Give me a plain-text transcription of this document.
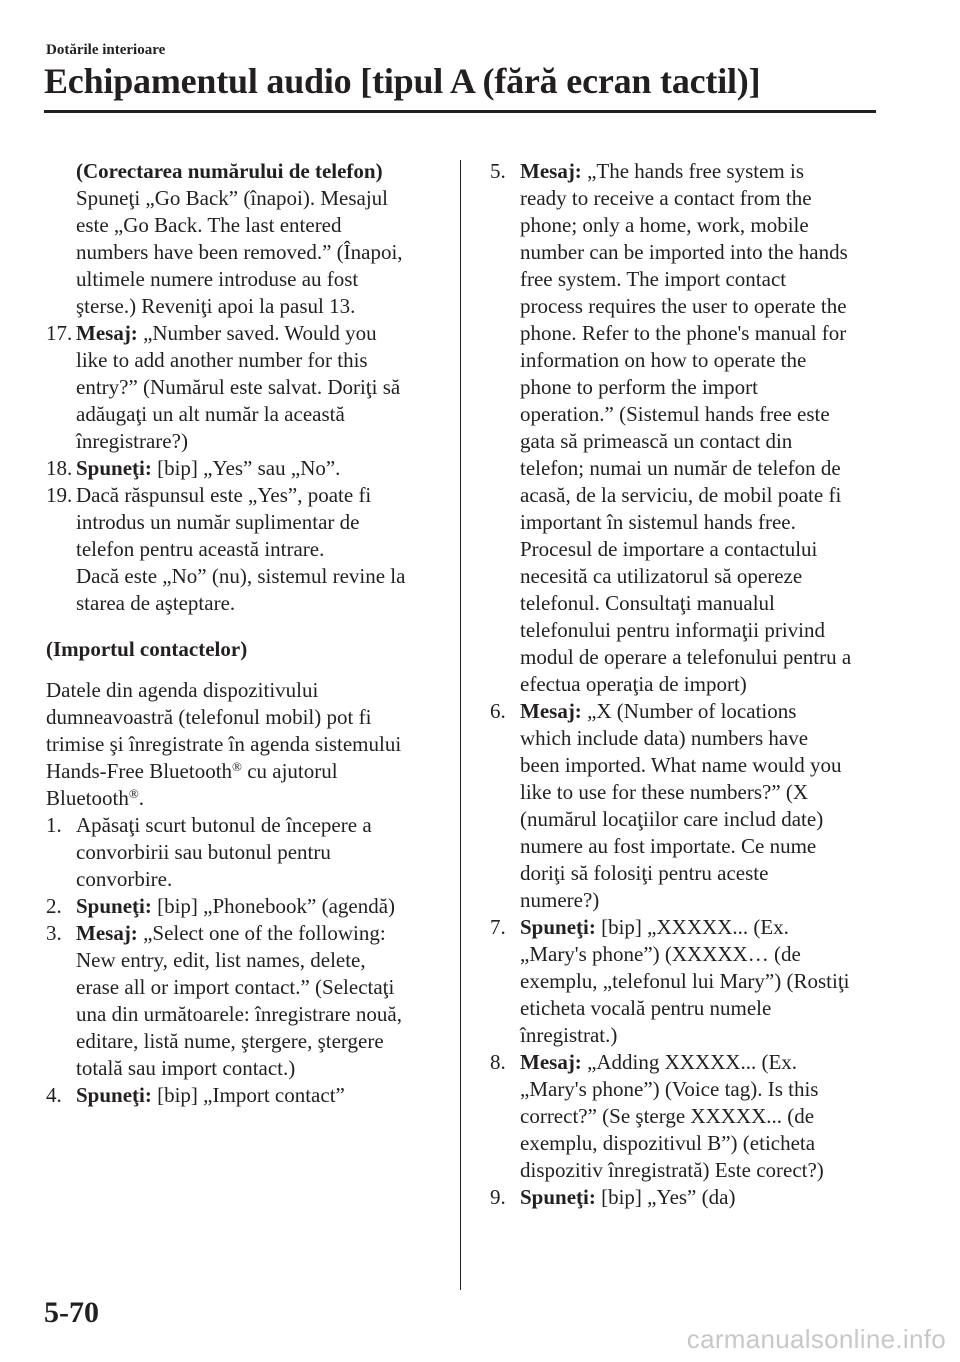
Dotările interioare
Echipamentul audio [tipul A (fără ecran tactil)]
(Corectarea numărului de telefon)
Spuneţi „Go Back” (înapoi). Mesajul
este „Go Back. The last entered
numbers have been removed.” (Înapoi,
ultimele numere introduse au fost
şterse.) Reveniţi apoi la pasul 13.
17. Mesaj: „Number saved. Would you
like to add another number for this
entry?” (Numărul este salvat. Doriţi să
adăugaţi un alt număr la această
înregistrare?)
18. Spuneţi: [bip] „Yes” sau „No”.
19. Dacă răspunsul este „Yes”, poate fi
introdus un număr suplimentar de
telefon pentru această intrare.
Dacă este „No” (nu), sistemul revine la
starea de aşteptare.
(Importul contactelor)
Datele din agenda dispozitivului
dumneavoastră (telefonul mobil) pot fi
trimise şi înregistrate în agenda sistemului
Hands-Free Bluetooth® cu ajutorul
Bluetooth®.
1. Apăsaţi scurt butonul de începere a
convorbirii sau butonul pentru
convorbire.
2. Spuneţi: [bip] „Phonebook” (agendă)
3. Mesaj: „Select one of the following:
New entry, edit, list names, delete,
erase all or import contact.” (Selectaţi
una din următoarele: înregistrare nouă,
editare, listă nume, ştergere, ştergere
totală sau import contact.)
4. Spuneţi: [bip] „Import contact”
5. Mesaj: „The hands free system is
ready to receive a contact from the
phone; only a home, work, mobile
number can be imported into the hands
free system. The import contact
process requires the user to operate the
phone. Refer to the phone's manual for
information on how to operate the
phone to perform the import
operation.” (Sistemul hands free este
gata să primească un contact din
telefon; numai un număr de telefon de
acasă, de la serviciu, de mobil poate fi
important în sistemul hands free.
Procesul de importare a contactului
necesită ca utilizatorul să opereze
telefonul. Consultaţi manualul
telefonului pentru informaţii privind
modul de operare a telefonului pentru a
efectua operaţia de import)
6. Mesaj: „X (Number of locations
which include data) numbers have
been imported. What name would you
like to use for these numbers?” (X
(numărul locaţiilor care includ date)
numere au fost importate. Ce nume
doriţi să folosiţi pentru aceste
numere?)
7. Spuneţi: [bip] „XXXXX... (Ex.
„Mary's phone”) (XXXXX… (de
exemplu, „telefonul lui Mary”) (Rostiţi
eticheta vocală pentru numele
înregistrat.)
8. Mesaj: „Adding XXXXX... (Ex.
„Mary's phone”) (Voice tag). Is this
correct?” (Se şterge XXXXX... (de
exemplu, dispozitivul B”) (eticheta
dispozitiv înregistrată) Este corect?)
9. Spuneţi: [bip] „Yes” (da)
5-70
carmanualsonline.info
